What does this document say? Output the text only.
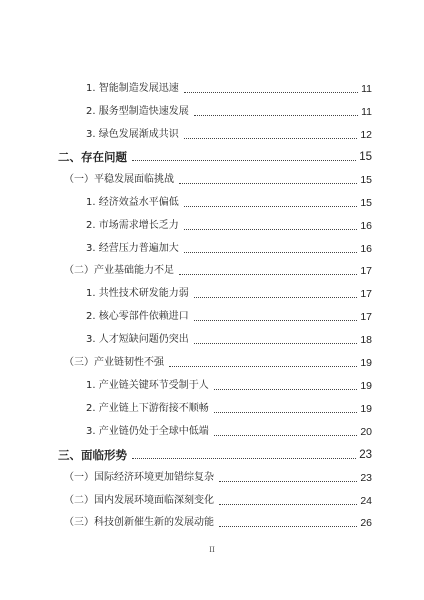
1. 智能制造发展迅速	11
2. 服务型制造快速发展	11
3. 绿色发展渐成共识	12
二、存在问题	15
（一）平稳发展面临挑战	15
1. 经济效益水平偏低	15
2. 市场需求增长乏力	16
3. 经营压力普遍加大	16
（二）产业基础能力不足	17
1. 共性技术研发能力弱	17
2. 核心零部件依赖进口	17
3. 人才短缺问题仍突出	18
（三）产业链韧性不强	19
1. 产业链关键环节受制于人	19
2. 产业链上下游衔接不顺畅	19
3. 产业链仍处于全球中低端	20
三、面临形势	23
（一）国际经济环境更加错综复杂	23
（二）国内发展环境面临深刻变化	24
（三）科技创新催生新的发展动能	26
II
